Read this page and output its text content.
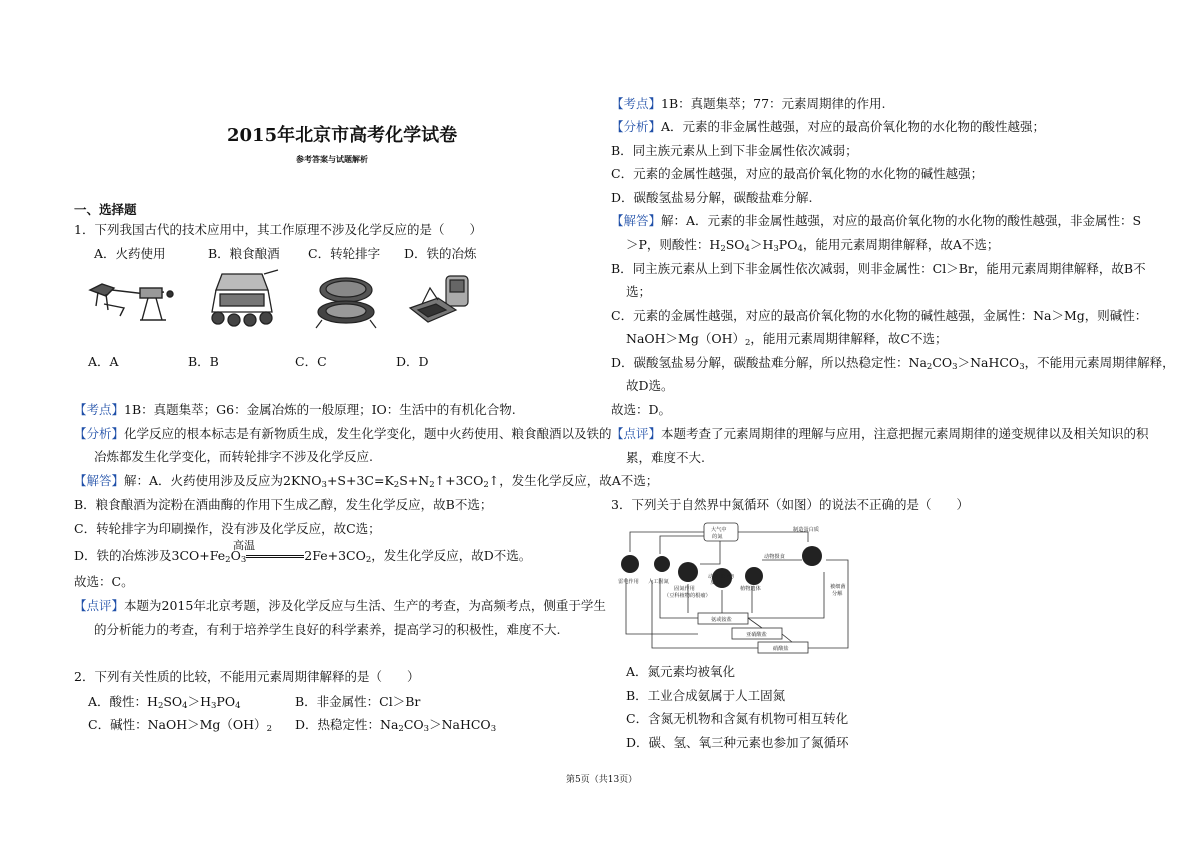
2015年北京市高考化学试卷
参考答案与试题解析
一、选择题
1．下列我国古代的技术应用中，其工作原理不涉及化学反应的是（　　）
A．火药使用	B．粮食酿酒 C．转轮排字 D．铁的冶炼
A．A	B．B	C．C	D．D
【考点】1B：真题集萃；G6：金属冶炼的一般原理；IO：生活中的有机化合物.
【分析】化学反应的根本标志是有新物质生成，发生化学变化，题中火药使用、粮食酿酒以及铁的
冶炼都发生化学变化，而转轮排字不涉及化学反应.
【解答】解：A．火药使用涉及反应为$2KNO_3+S+3C=K_2S+N_2↑+3CO_2↑$，发生化学反应，故A不选；
B．粮食酿酒为淀粉在酒曲酶的作用下生成乙醇，发生化学反应，故B不选；
C．转轮排字为印刷操作，没有涉及化学反应，故C选；
高温
D．铁的冶炼涉及$3CO+Fe_2O_3$	$2Fe+3CO_2$，发生化学反应，故D不选。
故选：C。
【点评】本题为2015年北京考题，涉及化学反应与生活、生产的考查，为高频考点，侧重于学生
的分析能力的考查，有利于培养学生良好的科学素养，提高学习的积极性，难度不大.
2．下列有关性质的比较，不能用元素周期律解释的是（　　）
A．酸性：$H_2SO_4>H_3PO_4$	B．非金属性：Cl＞Br
C．碱性：$NaOH>Mg(OH)_2$ D．热稳定性：$Na_2CO_3>NaHCO_3$
【考点】1B：真题集萃；77：元素周期律的作用.
【分析】A．元素的非金属性越强，对应的最高价氧化物的水化物的酸性越强；
B．同主族元素从上到下非金属性依次减弱；
C．元素的金属性越强，对应的最高价氧化物的水化物的碱性越强；
D．碳酸氢盐易分解，碳酸盐难分解.
【解答】解：A．元素的非金属性越强，对应的最高价氧化物的水化物的酸性越强，非金属性：S
＞P，则酸性：$H_2SO_4>H_3PO_4$，能用元素周期律解释，故A不选；
B．同主族元素从上到下非金属性依次减弱，则非金属性：Cl＞Br，能用元素周期律解释，故B不
选；
C．元素的金属性越强，对应的最高价氧化物的水化物的碱性越强，金属性：Na＞Mg，则碱性：
$NaOH>Mg(OH)_2$，能用元素周期律解释，故C不选；
D．碳酸氢盐易分解，碳酸盐难分解，所以热稳定性：$Na_2CO_3>NaHCO_3$，不能用元素周期律解释，
故D选。
故选：D。
【点评】本题考查了元素周期律的理解与应用，注意把握元素周期律的递变规律以及相关知识的积
累，难度不大.
3．下列关于自然界中氮循环（如图）的说法不正确的是（　　）
大气中
的氮
制造蛋白质
雷电作用 人工固氮
动物摄食
动物排泄物
及遗体
植物遗体
固氮作用
（豆科植物的根瘤）
被细菌
分解
氨或铵盐
亚硝酸盐
硝酸盐
A．氮元素均被氧化
B．工业合成氨属于人工固氮
C．含氮无机物和含氮有机物可相互转化
D．碳、氢、氧三种元素也参加了氮循环
第5页（共13页）
